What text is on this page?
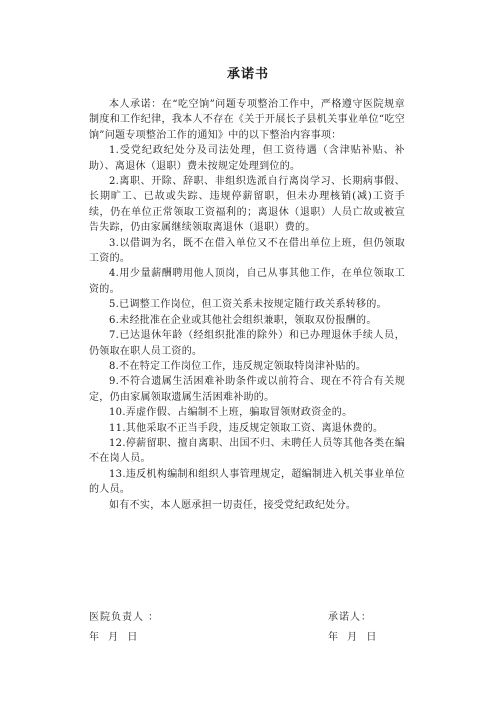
承诺书

本人承诺：在“吃空饷”问题专项整治工作中，严格遵守医院规章制度和工作纪律，我本人不存在《关于开展长子县机关事业单位“吃空饷”问题专项整治工作的通知》中的以下整治内容事项：

1.受党纪政纪处分及司法处理，但工资待遇（含津贴补贴、补助）、离退休（退职）费未按规定处理到位的。

2.离职、开除、辞职、非组织选派自行离岗学习、长期病事假、长期旷工、已故或失踪、违规停薪留职，但未办理核销(减)工资手续，仍在单位正常领取工资福利的；离退休（退职）人员亡故或被宣告失踪，仍由家属继续领取离退休（退职）费的。

3.以借调为名，既不在借入单位又不在借出单位上班，但仍领取工资的。

4.用少量薪酬聘用他人顶岗，自己从事其他工作，在单位领取工资的。

5.已调整工作岗位，但工资关系未按规定随行政关系转移的。

6.未经批准在企业或其他社会组织兼职，领取双份报酬的。

7.已达退休年龄（经组织批准的除外）和已办理退休手续人员，仍领取在职人员工资的。

8.不在特定工作岗位工作，违反规定领取特岗津补贴的。

9.不符合遗属生活困难补助条件或以前符合、现在不符合有关规定，仍由家属领取遗属生活困难补助的。

10.弄虚作假、占编制不上班，骗取冒领财政资金的。

11.其他采取不正当手段，违反规定领取工资、离退休费的。

12.停薪留职、擅自离职、出国不归、未聘任人员等其他各类在编不在岗人员。

13.违反机构编制和组织人事管理规定，超编制进入机关事业单位的人员。

如有不实，本人愿承担一切责任，接受党纪政纪处分。

医院负责人 ：
年 月 日
承诺人：
年 月 日
